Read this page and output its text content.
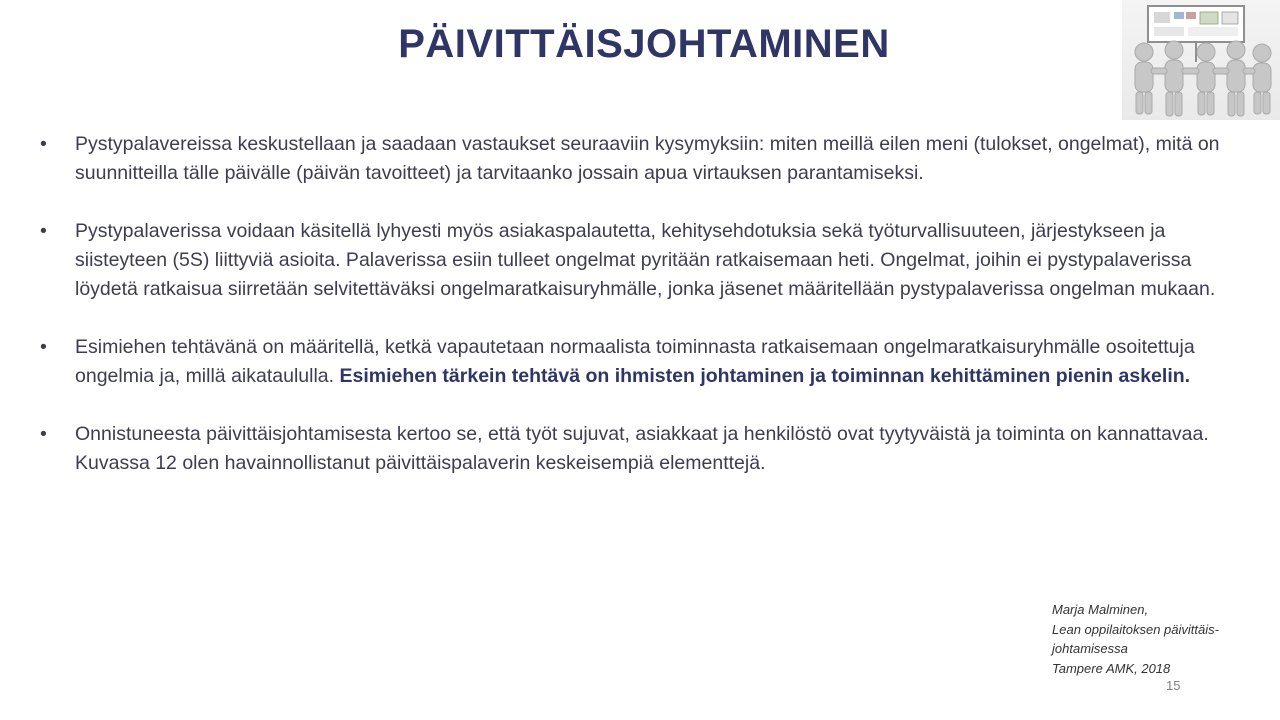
PÄIVITTÄISJOHTAMINEN
•	Pystypalavereissa keskustellaan ja saadaan vastaukset seuraaviin kysymyksiin: miten meillä eilen meni (tulokset, ongelmat), mitä on suunnitteilla tälle päivälle (päivän tavoitteet) ja tarvitaanko jossain apua virtauksen parantamiseksi.
•	Pystypalaverissa voidaan käsitellä lyhyesti myös asiakaspalautetta, kehitysehdotuksia sekä työturvallisuuteen, järjestykseen ja siisteyteen (5S) liittyviä asioita. Palaverissa esiin tulleet ongelmat pyritään ratkaisemaan heti. Ongelmat, joihin ei pystypalaverissa löydetä ratkaisua siirretään selvitettäväksi ongelmaratkaisuryhmälle, jonka jäsenet määritellään pystypalaverissa ongelman mukaan.
•	Esimiehen tehtävänä on määritellä, ketkä vapautetaan normaalista toiminnasta ratkaisemaan ongelmaratkaisuryhmälle osoitettuja ongelmia ja, millä aikataululla. Esimiehen tärkein tehtävä on ihmisten johtaminen ja toiminnan kehittäminen pienin askelin.
•	Onnistuneesta päivittäisjohtamisesta kertoo se, että työt sujuvat, asiakkaat ja henkilöstö ovat tyytyväistä ja toiminta on kannattavaa. Kuvassa 12 olen havainnollistanut päivittäispalaverin keskeisempiä elementtejä.
Marja Malminen,
Lean oppilaitoksen päivittäis-
johtamisessa
Tampere AMK, 2018
15
